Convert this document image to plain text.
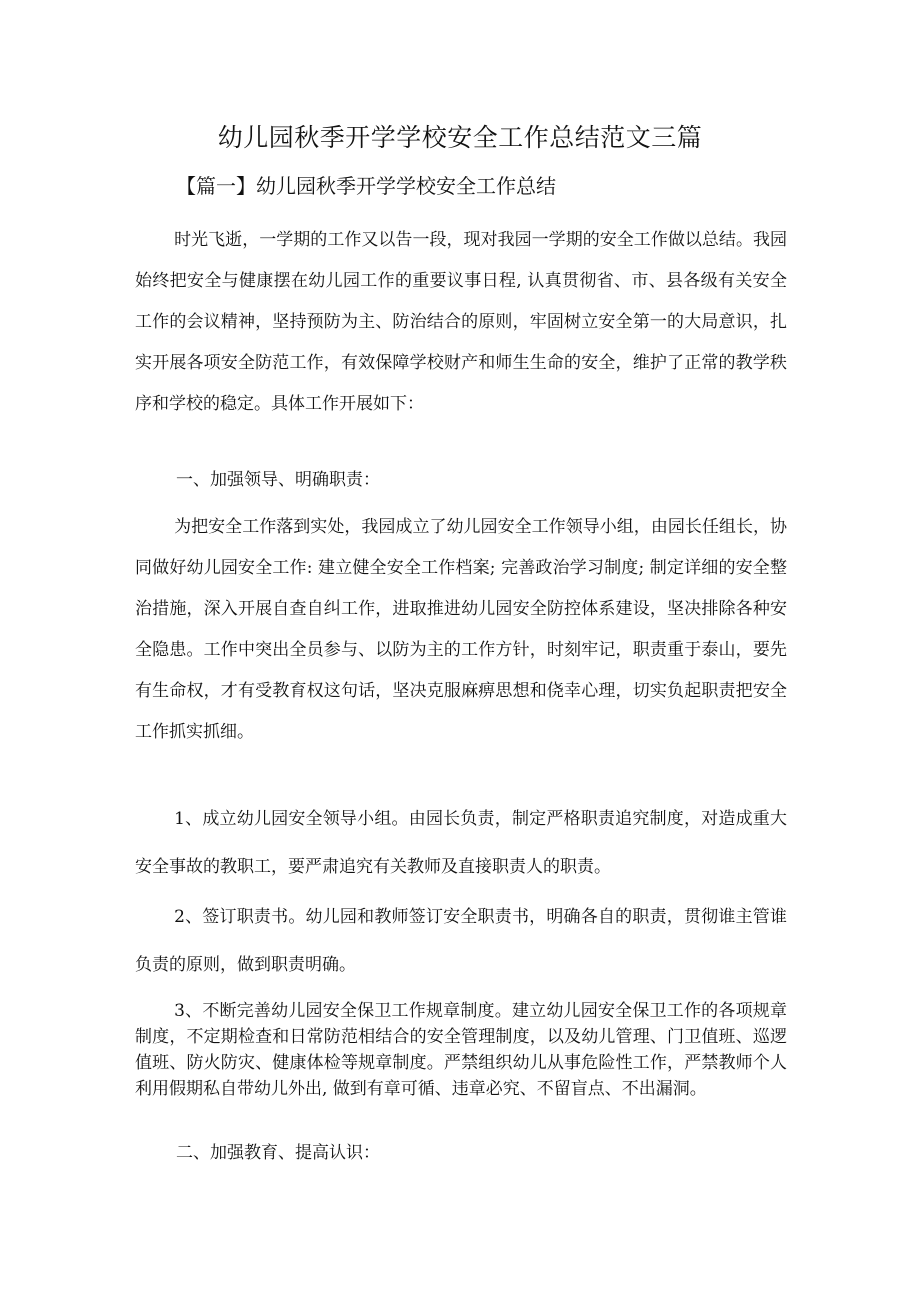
幼儿园秋季开学学校安全工作总结范文三篇
【篇一】幼儿园秋季开学学校安全工作总结

时光飞逝，一学期的工作又以告一段，现对我园一学期的安全工作做以总结。我园始终把安全与健康摆在幼儿园工作的重要议事日程, 认真贯彻省、市、县各级有关安全工作的会议精神，坚持预防为主、防治结合的原则，牢固树立安全第一的大局意识，扎实开展各项安全防范工作，有效保障学校财产和师生生命的安全，维护了正常的教学秩序和学校的稳定。具体工作开展如下：

一、加强领导、明确职责：

为把安全工作落到实处，我园成立了幼儿园安全工作领导小组，由园长任组长，协同做好幼儿园安全工作: 建立健全安全工作档案; 完善政治学习制度; 制定详细的安全整治措施，深入开展自查自纠工作，进取推进幼儿园安全防控体系建设，坚决排除各种安全隐患。工作中突出全员参与、以防为主的工作方针，时刻牢记，职责重于泰山，要先有生命权，才有受教育权这句话，坚决克服麻痹思想和侥幸心理，切实负起职责把安全工作抓实抓细。

1、成立幼儿园安全领导小组。由园长负责，制定严格职责追究制度，对造成重大安全事故的教职工，要严肃追究有关教师及直接职责人的职责。

2、签订职责书。幼儿园和教师签订安全职责书，明确各自的职责，贯彻谁主管谁负责的原则，做到职责明确。

3、不断完善幼儿园安全保卫工作规章制度。建立幼儿园安全保卫工作的各项规章制度，不定期检查和日常防范相结合的安全管理制度，以及幼儿管理、门卫值班、巡逻值班、防火防灾、健康体检等规章制度。严禁组织幼儿从事危险性工作，严禁教师个人利用假期私自带幼儿外出, 做到有章可循、违章必究、不留盲点、不出漏洞。

二、加强教育、提高认识：
